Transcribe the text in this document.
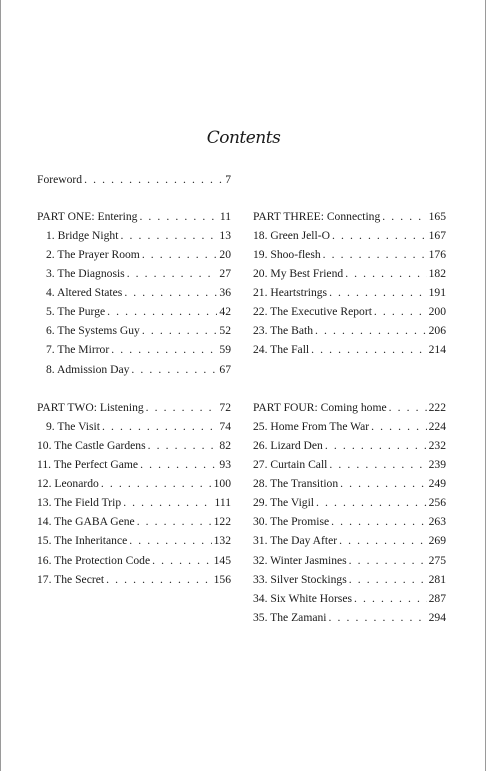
Contents
Foreword . . .	7
PART ONE: Entering . . .	11
1. Bridge Night . . .	13
2. The Prayer Room . . .	20
3. The Diagnosis . . .	27
4. Altered States . . .	36
5. The Purge . . .	42
6. The Systems Guy . . .	52
7. The Mirror . . .	59
8. Admission Day . . .	67
PART TWO: Listening . . .	72
9. The Visit . . .	74
10. The Castle Gardens . . .	82
11. The Perfect Game . . .	93
12. Leonardo . . .	100
13. The Field Trip . . .	111
14. The GABA Gene . . .	122
15. The Inheritance . . .	132
16. The Protection Code . . .	145
17. The Secret . . .	156
PART THREE: Connecting . . .	165
18. Green Jell-O . . .	167
19. Shoo-flesh . . .	176
20. My Best Friend . . .	182
21. Heartstrings . . .	191
22. The Executive Report . . .	200
23. The Bath . . .	206
24. The Fall . . .	214
PART FOUR: Coming home . . .	222
25. Home From The War . . .	224
26. Lizard Den . . .	232
27. Curtain Call . . .	239
28. The Transition . . .	249
29. The Vigil . . .	256
30. The Promise . . .	263
31. The Day After . . .	269
32. Winter Jasmines . . .	275
33. Silver Stockings . . .	281
34. Six White Horses . . .	287
35. The Zamani . . .	294
